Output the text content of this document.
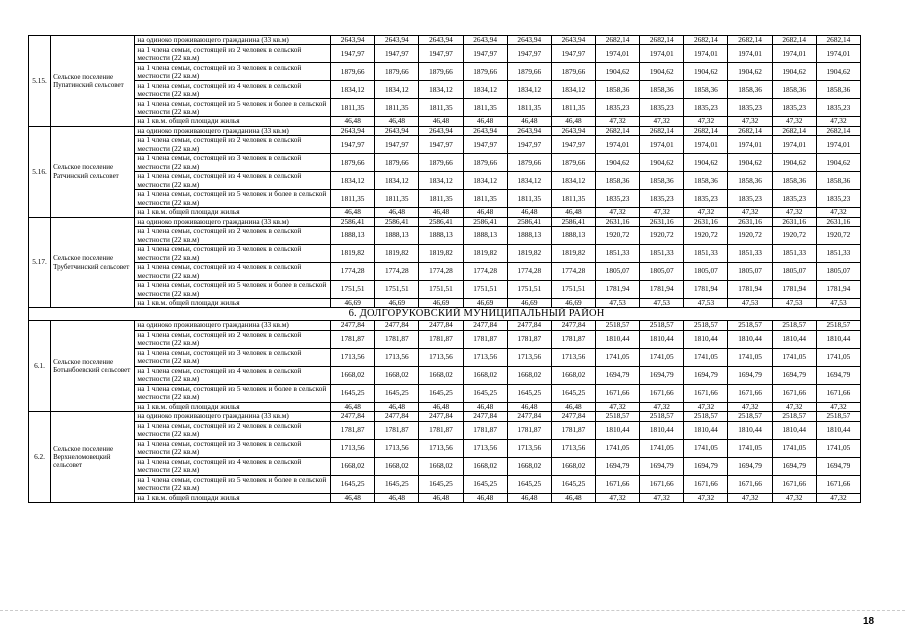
5.15.	Сельское поселение Пупатинский сельсовет	на одиноко проживающего гражданина (33 кв.м)	2643,94	2643,94	2643,94	2643,94	2643,94	2643,94	2682,14	2682,14	2682,14	2682,14	2682,14	2682,14
		на 1 члена семьи, состоящей из 2 человек в сельской местности (22 кв.м)	1947,97	1947,97	1947,97	1947,97	1947,97	1947,97	1974,01	1974,01	1974,01	1974,01	1974,01	1974,01
		на 1 члена семьи, состоящей из 3 человек в сельской местности (22 кв.м)	1879,66	1879,66	1879,66	1879,66	1879,66	1879,66	1904,62	1904,62	1904,62	1904,62	1904,62	1904,62
		на 1 члена семьи, состоящей из 4 человек в сельской местности (22 кв.м)	1834,12	1834,12	1834,12	1834,12	1834,12	1834,12	1858,36	1858,36	1858,36	1858,36	1858,36	1858,36
		на 1 члена семьи, состоящей из 5 человек и более в сельской местности (22 кв.м)	1811,35	1811,35	1811,35	1811,35	1811,35	1811,35	1835,23	1835,23	1835,23	1835,23	1835,23	1835,23
		на 1 кв.м. общей площади жилья	46,48	46,48	46,48	46,48	46,48	46,48	47,32	47,32	47,32	47,32	47,32	47,32
5.16.	Сельское поселение Ратчинский сельсовет	на одиноко проживающего гражданина (33 кв.м)	2643,94	2643,94	2643,94	2643,94	2643,94	2643,94	2682,14	2682,14	2682,14	2682,14	2682,14	2682,14
		на 1 члена семьи, состоящей из 2 человек в сельской местности (22 кв.м)	1947,97	1947,97	1947,97	1947,97	1947,97	1947,97	1974,01	1974,01	1974,01	1974,01	1974,01	1974,01
		на 1 члена семьи, состоящей из 3 человек в сельской местности (22 кв.м)	1879,66	1879,66	1879,66	1879,66	1879,66	1879,66	1904,62	1904,62	1904,62	1904,62	1904,62	1904,62
		на 1 члена семьи, состоящей из 4 человек в сельской местности (22 кв.м)	1834,12	1834,12	1834,12	1834,12	1834,12	1834,12	1858,36	1858,36	1858,36	1858,36	1858,36	1858,36
		на 1 члена семьи, состоящей из 5 человек и более в сельской местности (22 кв.м)	1811,35	1811,35	1811,35	1811,35	1811,35	1811,35	1835,23	1835,23	1835,23	1835,23	1835,23	1835,23
		на 1 кв.м. общей площади жилья	46,48	46,48	46,48	46,48	46,48	46,48	47,32	47,32	47,32	47,32	47,32	47,32
5.17.	Сельское поселение Трубетчинский сельсовет	на одиноко проживающего гражданина (33 кв.м)	2586,41	2586,41	2586,41	2586,41	2586,41	2586,41	2631,16	2631,16	2631,16	2631,16	2631,16	2631,16
		на 1 члена семьи, состоящей из 2 человек в сельской местности (22 кв.м)	1888,13	1888,13	1888,13	1888,13	1888,13	1888,13	1920,72	1920,72	1920,72	1920,72	1920,72	1920,72
		на 1 члена семьи, состоящей из 3 человек в сельской местности (22 кв.м)	1819,82	1819,82	1819,82	1819,82	1819,82	1819,82	1851,33	1851,33	1851,33	1851,33	1851,33	1851,33
		на 1 члена семьи, состоящей из 4 человек в сельской местности (22 кв.м)	1774,28	1774,28	1774,28	1774,28	1774,28	1774,28	1805,07	1805,07	1805,07	1805,07	1805,07	1805,07
		на 1 члена семьи, состоящей из 5 человек и более в сельской местности (22 кв.м)	1751,51	1751,51	1751,51	1751,51	1751,51	1751,51	1781,94	1781,94	1781,94	1781,94	1781,94	1781,94
		на 1 кв.м. общей площади жилья	46,69	46,69	46,69	46,69	46,69	46,69	47,53	47,53	47,53	47,53	47,53	47,53
			6. ДОЛГОРУКОВСКИЙ МУНИЦИПАЛЬНЫЙ РАЙОН											
6.1.	Сельское поселение Ботынбоевский сельсовет	на одиноко проживающего гражданина (33 кв.м)	2477,84	2477,84	2477,84	2477,84	2477,84	2477,84	2518,57	2518,57	2518,57	2518,57	2518,57	2518,57
		на 1 члена семьи, состоящей из 2 человек в сельской местности (22 кв.м)	1781,87	1781,87	1781,87	1781,87	1781,87	1781,87	1810,44	1810,44	1810,44	1810,44	1810,44	1810,44
		на 1 члена семьи, состоящей из 3 человек в сельской местности (22 кв.м)	1713,56	1713,56	1713,56	1713,56	1713,56	1713,56	1741,05	1741,05	1741,05	1741,05	1741,05	1741,05
		на 1 члена семьи, состоящей из 4 человек в сельской местности (22 кв.м)	1668,02	1668,02	1668,02	1668,02	1668,02	1668,02	1694,79	1694,79	1694,79	1694,79	1694,79	1694,79
		на 1 члена семьи, состоящей из 5 человек и более в сельской местности (22 кв.м)	1645,25	1645,25	1645,25	1645,25	1645,25	1645,25	1671,66	1671,66	1671,66	1671,66	1671,66	1671,66
		на 1 кв.м. общей площади жилья	46,48	46,48	46,48	46,48	46,48	46,48	47,32	47,32	47,32	47,32	47,32	47,32
6.2.	Сельское поселение Верхнеломовецкий сельсовет	на одиноко проживающего гражданина (33 кв.м)	2477,84	2477,84	2477,84	2477,84	2477,84	2477,84	2518,57	2518,57	2518,57	2518,57	2518,57	2518,57
		на 1 члена семьи, состоящей из 2 человек в сельской местности (22 кв.м)	1781,87	1781,87	1781,87	1781,87	1781,87	1781,87	1810,44	1810,44	1810,44	1810,44	1810,44	1810,44
		на 1 члена семьи, состоящей из 3 человек в сельской местности (22 кв.м)	1713,56	1713,56	1713,56	1713,56	1713,56	1713,56	1741,05	1741,05	1741,05	1741,05	1741,05	1741,05
		на 1 члена семьи, состоящей из 4 человек в сельской местности (22 кв.м)	1668,02	1668,02	1668,02	1668,02	1668,02	1668,02	1694,79	1694,79	1694,79	1694,79	1694,79	1694,79
		на 1 члена семьи, состоящей из 5 человек и более в сельской местности (22 кв.м)	1645,25	1645,25	1645,25	1645,25	1645,25	1645,25	1671,66	1671,66	1671,66	1671,66	1671,66	1671,66
		на 1 кв.м. общей площади жилья	46,48	46,48	46,48	46,48	46,48	46,48	47,32	47,32	47,32	47,32	47,32	47,32
18
